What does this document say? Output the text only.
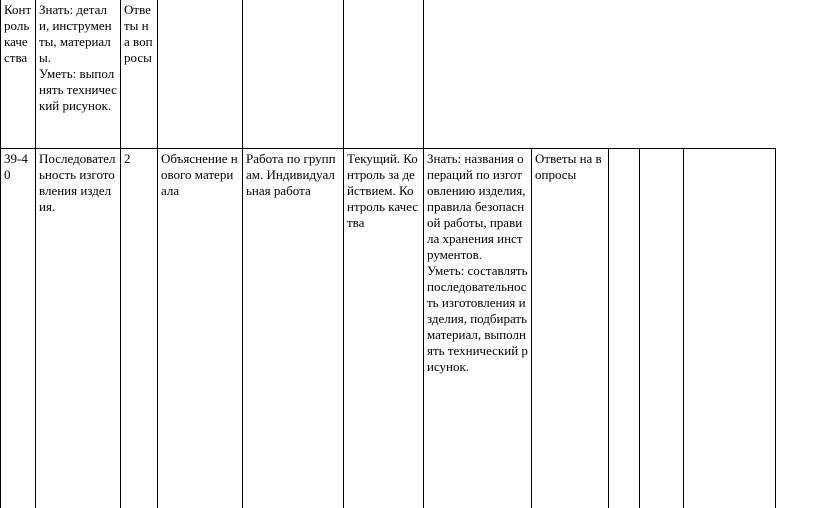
Контроль качества
Знать: детали, инструменты, материалы.
Уметь: выполнять технический рисунок.
Ответы на вопросы
39-40
Последовательность изготовления изделия.
2	Объяснение нового материала
Работа по группам. Индивидуальная работа
Текущий. Контроль за действием. Контроль качества
Знать: названия операций по изготовлению изделия, правила безопасной работы, правила хранения инструментов.
Уметь: составлять последовательность изготовления изделия, подбирать материал, выполнять технический рисунок.
Ответы на вопросы
